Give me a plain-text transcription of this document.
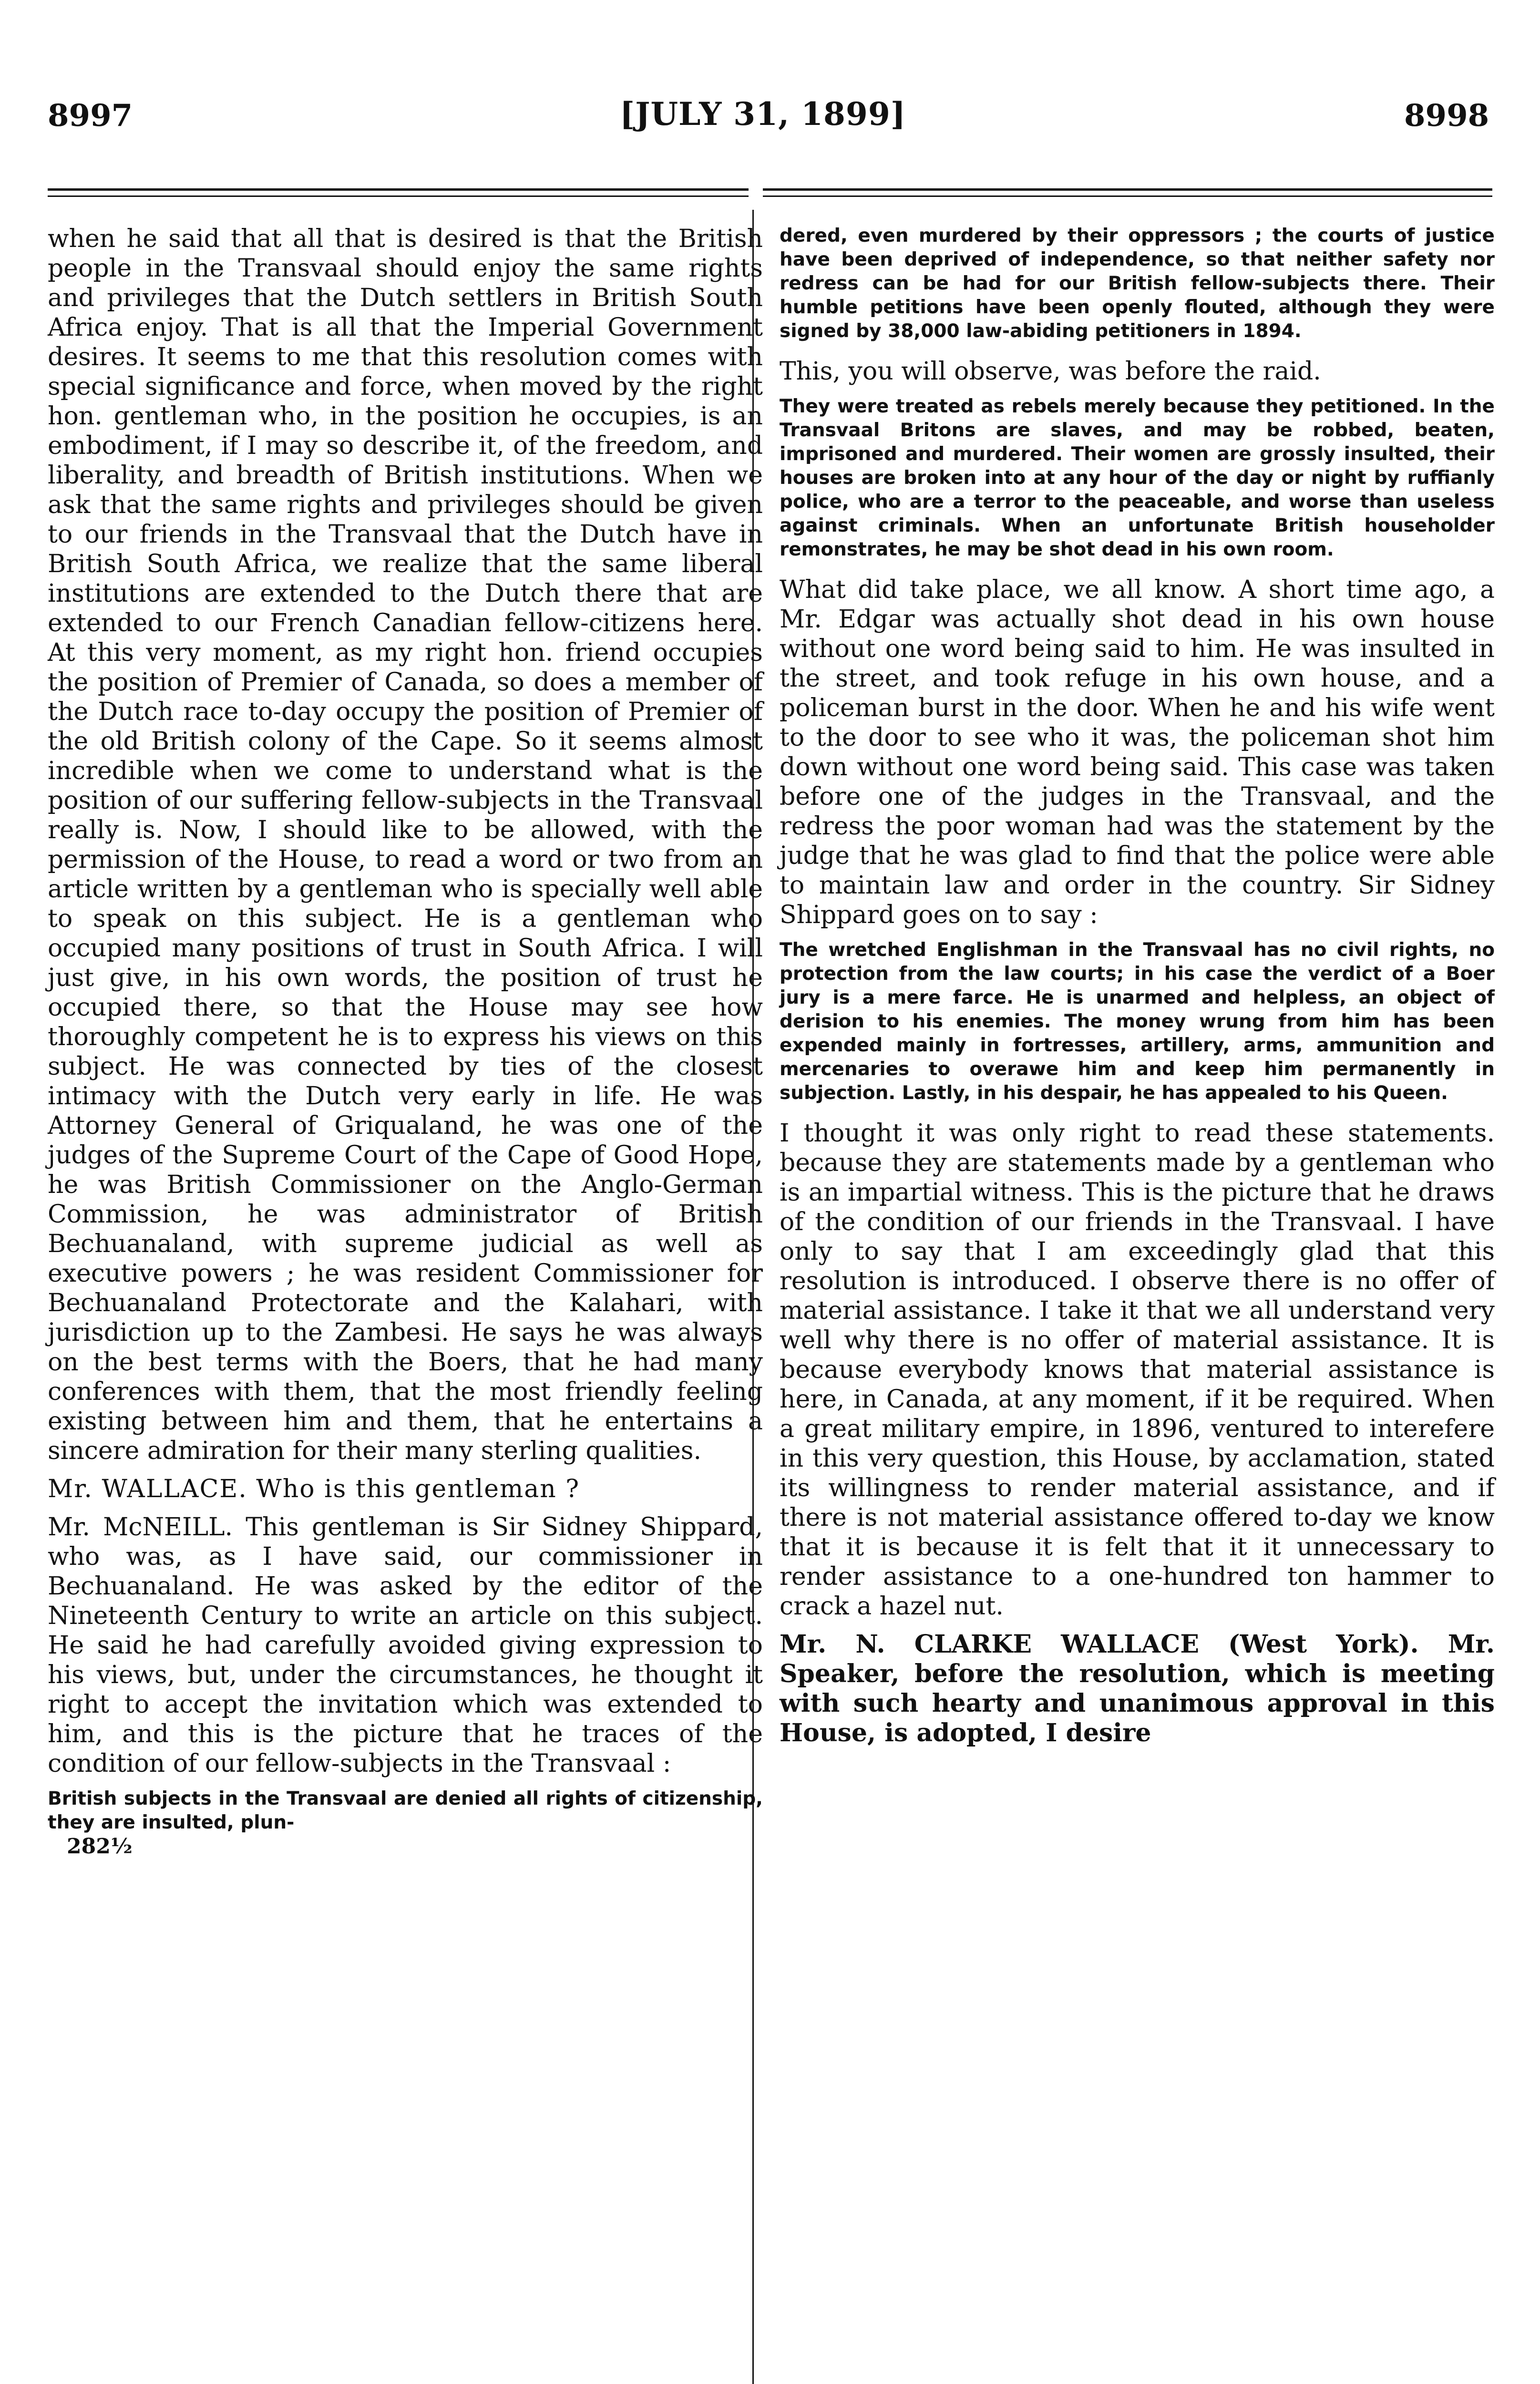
8997	[JULY 31, 1899]	8998

when he said that all that is desired is that the British people in the Transvaal should enjoy the same rights and privileges that the Dutch settlers in British South Africa enjoy. That is all that the Imperial Government desires. It seems to me that this resolution comes with special significance and force, when moved by the right hon. gentleman who, in the position he occupies, is an embodiment, if I may so describe it, of the freedom, and liberality, and breadth of British institutions. When we ask that the same rights and privileges should be given to our friends in the Transvaal that the Dutch have in British South Africa, we realize that the same liberal institutions are extended to the Dutch there that are extended to our French Canadian fellow-citizens here. At this very moment, as my right hon. friend occupies the position of Premier of Canada, so does a member of the Dutch race to-day occupy the position of Premier of the old British colony of the Cape. So it seems almost incredible when we come to understand what is the position of our suffering fellow-subjects in the Transvaal really is. Now, I should like to be allowed, with the permission of the House, to read a word or two from an article written by a gentleman who is specially well able to speak on this subject. He is a gentleman who occupied many positions of trust in South Africa. I will just give, in his own words, the position of trust he occupied there, so that the House may see how thoroughly competent he is to express his views on this subject. He was connected by ties of the closest intimacy with the Dutch very early in life. He was Attorney General of Griqualand, he was one of the judges of the Supreme Court of the Cape of Good Hope, he was British Commissioner on the Anglo-German Commission, he was administrator of British Bechuanaland, with supreme judicial as well as executive powers ; he was resident Commissioner for Bechuanaland Protectorate and the Kalahari, with jurisdiction up to the Zambesi. He says he was always on the best terms with the Boers, that he had many conferences with them, that the most friendly feeling existing between him and them, that he entertains a sincere admiration for their many sterling qualities.

Mr. WALLACE. Who is this gentleman ?

Mr. McNEILL. This gentleman is Sir Sidney Shippard, who was, as I have said, our commissioner in Bechuanaland. He was asked by the editor of the Nineteenth Century to write an article on this subject. He said he had carefully avoided giving expression to his views, but, under the circumstances, he thought it right to accept the invitation which was extended to him, and this is the picture that he traces of the condition of our fellow-subjects in the Transvaal :

British subjects in the Transvaal are denied all rights of citizenship, they are insulted, plun-
282½
dered, even murdered by their oppressors ; the courts of justice have been deprived of independence, so that neither safety nor redress can be had for our British fellow-subjects there. Their humble petitions have been openly flouted, although they were signed by 38,000 law-abiding petitioners in 1894.

This, you will observe, was before the raid.

They were treated as rebels merely because they petitioned. In the Transvaal Britons are slaves, and may be robbed, beaten, imprisoned and murdered. Their women are grossly insulted, their houses are broken into at any hour of the day or night by ruffianly police, who are a terror to the peaceable, and worse than useless against criminals. When an unfortunate British householder remonstrates, he may be shot dead in his own room.

What did take place, we all know. A short time ago, a Mr. Edgar was actually shot dead in his own house without one word being said to him. He was insulted in the street, and took refuge in his own house, and a policeman burst in the door. When he and his wife went to the door to see who it was, the policeman shot him down without one word being said. This case was taken before one of the judges in the Transvaal, and the redress the poor woman had was the statement by the judge that he was glad to find that the police were able to maintain law and order in the country. Sir Sidney Shippard goes on to say :

The wretched Englishman in the Transvaal has no civil rights, no protection from the law courts; in his case the verdict of a Boer jury is a mere farce. He is unarmed and helpless, an object of derision to his enemies. The money wrung from him has been expended mainly in fortresses, artillery, arms, ammunition and mercenaries to overawe him and keep him permanently in subjection. Lastly, in his despair, he has appealed to his Queen.

I thought it was only right to read these statements. because they are statements made by a gentleman who is an impartial witness. This is the picture that he draws of the condition of our friends in the Transvaal. I have only to say that I am exceedingly glad that this resolution is introduced. I observe there is no offer of material assistance. I take it that we all understand very well why there is no offer of material assistance. It is because everybody knows that material assistance is here, in Canada, at any moment, if it be required. When a great military empire, in 1896, ventured to interefere in this very question, this House, by acclamation, stated its willingness to render material assistance, and if there is not material assistance offered to-day we know that it is because it is felt that it it unnecessary to render assistance to a one-hundred ton hammer to crack a hazel nut.

Mr. N. CLARKE WALLACE (West York). Mr. Speaker, before the resolution, which is meeting with such hearty and unanimous approval in this House, is adopted, I desire
